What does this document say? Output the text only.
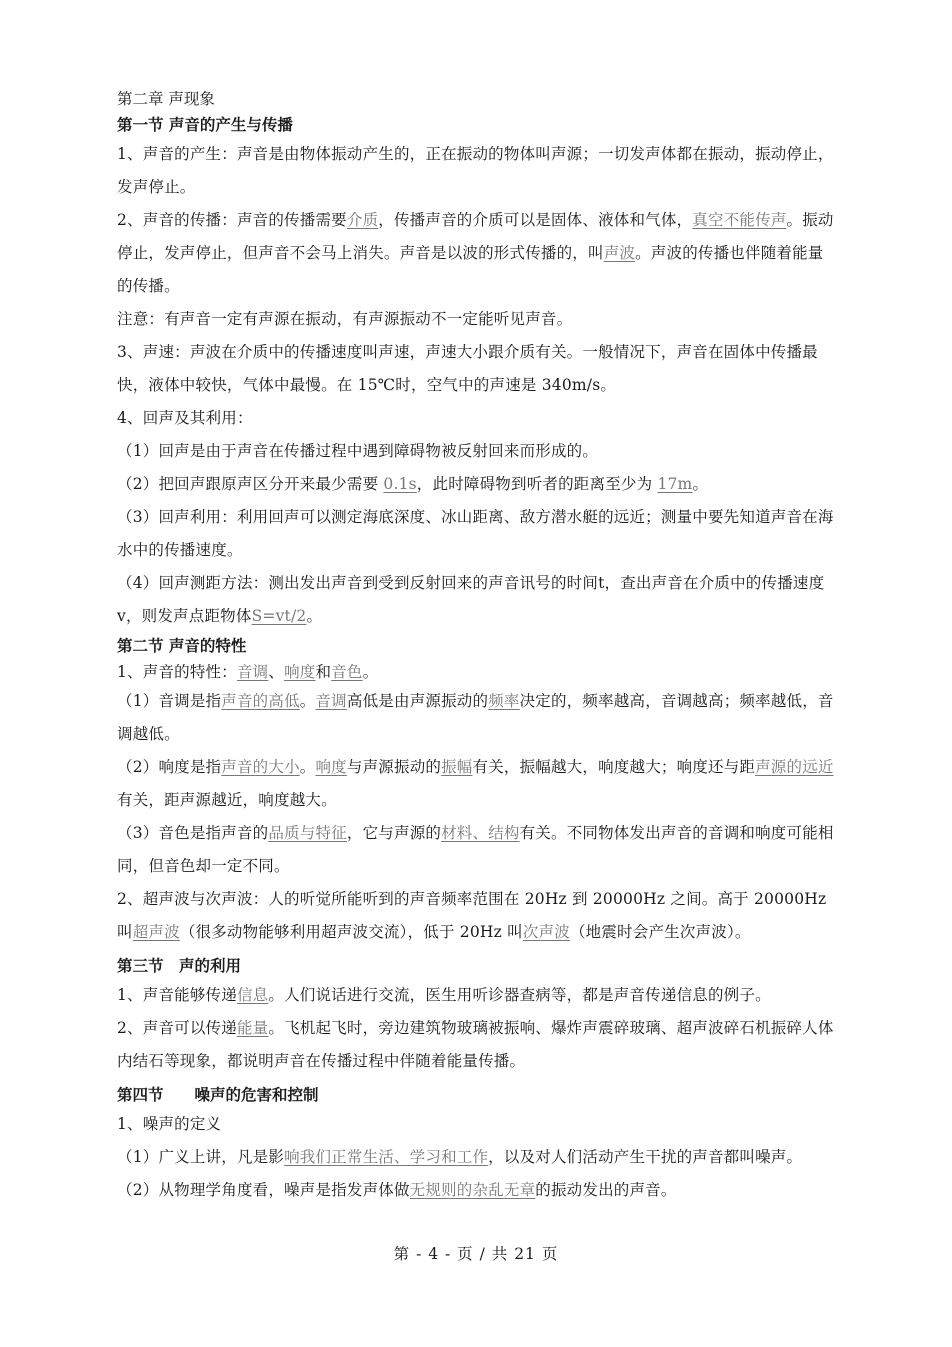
第二章 声现象

第一节 声音的产生与传播

1、声音的产生：声音是由物体振动产生的，正在振动的物体叫声源；一切发声体都在振动，振动停止，发声停止。

2、声音的传播：声音的传播需要介质，传播声音的介质可以是固体、液体和气体，真空不能传声。振动停止，发声停止，但声音不会马上消失。声音是以波的形式传播的，叫声波。声波的传播也伴随着能量的传播。

注意：有声音一定有声源在振动，有声源振动不一定能听见声音。

3、声速：声波在介质中的传播速度叫声速，声速大小跟介质有关。一般情况下，声音在固体中传播最快，液体中较快，气体中最慢。在 15℃时，空气中的声速是 340m/s。

4、回声及其利用：

（1）回声是由于声音在传播过程中遇到障碍物被反射回来而形成的。

（2）把回声跟原声区分开来最少需要 0.1s，此时障碍物到听者的距离至少为 17m。

（3）回声利用：利用回声可以测定海底深度、冰山距离、敌方潜水艇的远近；测量中要先知道声音在海水中的传播速度。

（4）回声测距方法：测出发出声音到受到反射回来的声音讯号的时间t，查出声音在介质中的传播速度v，则发声点距物体S=vt/2。

第二节 声音的特性

1、声音的特性：音调、响度和音色。

（1）音调是指声音的高低。音调高低是由声源振动的频率决定的，频率越高，音调越高；频率越低，音调越低。

（2）响度是指声音的大小。响度与声源振动的振幅有关，振幅越大，响度越大；响度还与距声源的远近有关，距声源越近，响度越大。

（3）音色是指声音的品质与特征，它与声源的材料、结构有关。不同物体发出声音的音调和响度可能相同，但音色却一定不同。

2、超声波与次声波：人的听觉所能听到的声音频率范围在 20Hz 到 20000Hz 之间。高于 20000Hz 叫超声波（很多动物能够利用超声波交流），低于 20Hz 叫次声波（地震时会产生次声波）。

第三节　声的利用

1、声音能够传递信息。人们说话进行交流，医生用听诊器查病等，都是声音传递信息的例子。

2、声音可以传递能量。飞机起飞时，旁边建筑物玻璃被振响、爆炸声震碎玻璃、超声波碎石机振碎人体内结石等现象，都说明声音在传播过程中伴随着能量传播。

第四节　　噪声的危害和控制

1、噪声的定义

（1）广义上讲，凡是影响我们正常生活、学习和工作，以及对人们活动产生干扰的声音都叫噪声。

（2）从物理学角度看，噪声是指发声体做无规则的杂乱无章的振动发出的声音。

第 - 4 - 页 / 共 21 页
